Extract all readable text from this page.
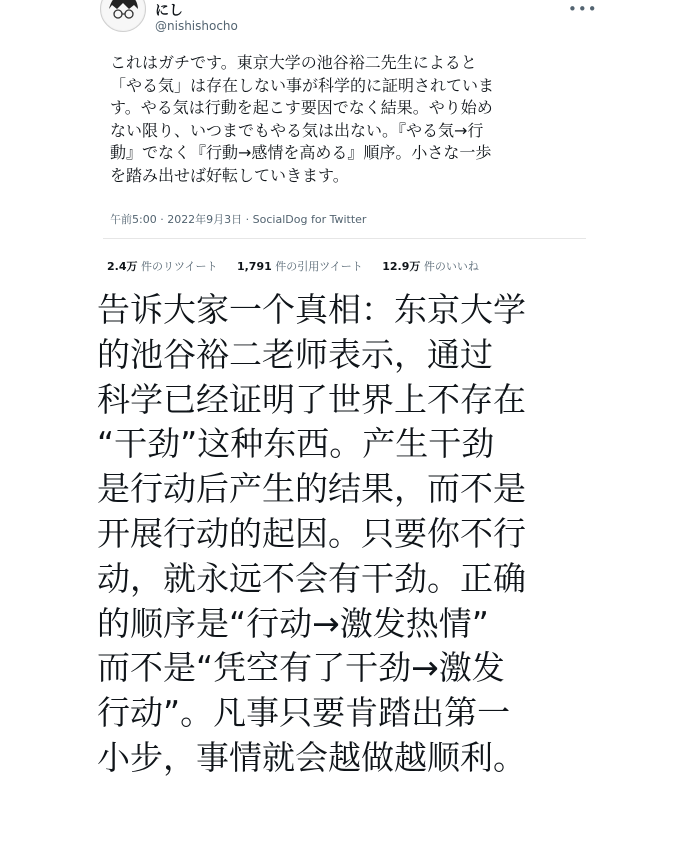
にし
@nishishocho
•••
これはガチです。東京大学の池谷裕二先生によると
「やる気」は存在しない事が科学的に証明されていま
す。やる気は行動を起こす要因でなく結果。やり始め
ない限り、いつまでもやる気は出ない。『やる気→行
動』でなく『行動→感情を高める』順序。小さな一歩
を踏み出せば好転していきます。
午前5:00 · 2022年9月3日 · SocialDog for Twitter
2.4万 件のリツイート 1,791 件の引用ツイート 12.9万 件のいいね
告诉大家一个真相：东京大学
的池谷裕二老师表示，通过
科学已经证明了世界上不存在
“干劲”这种东西。产生干劲
是行动后产生的结果，而不是
开展行动的起因。只要你不行
动，就永远不会有干劲。正确
的顺序是“行动→激发热情”
而不是“凭空有了干劲→激发
行动”。凡事只要肯踏出第一
小步，事情就会越做越顺利。
